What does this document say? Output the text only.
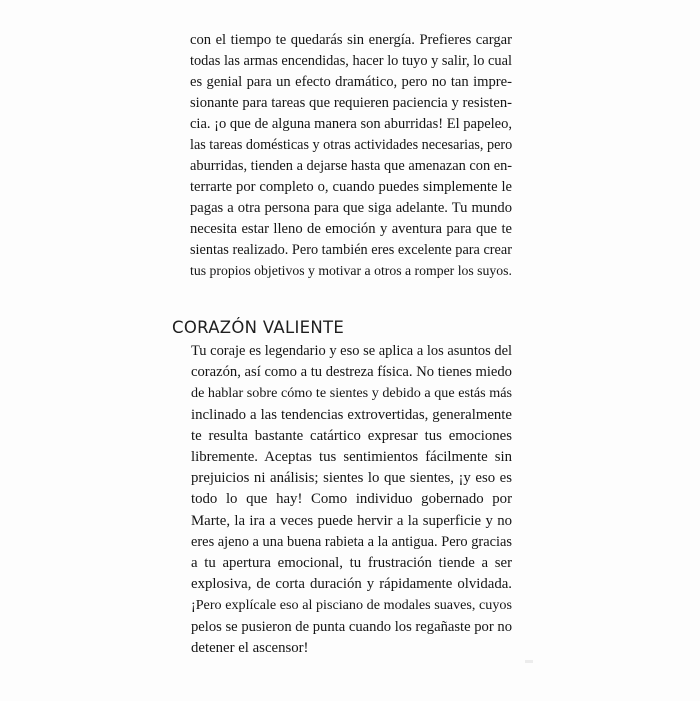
con el tiempo te quedarás sin energía. Prefieres cargar
todas las armas encendidas, hacer lo tuyo y salir, lo cual
es genial para un efecto dramático, pero no tan impre-
sionante para tareas que requieren paciencia y resisten-
cia. ¡o que de alguna manera son aburridas! El papeleo,
las tareas domésticas y otras actividades necesarias, pero
aburridas, tienden a dejarse hasta que amenazan con en-
terrarte por completo o, cuando puedes simplemente le
pagas a otra persona para que siga adelante. Tu mundo
necesita estar lleno de emoción y aventura para que te
sientas realizado. Pero también eres excelente para crear
tus propios objetivos y motivar a otros a romper los suyos.
CORAZÓN VALIENTE
Tu coraje es legendario y eso se aplica a los asuntos del
corazón, así como a tu destreza física. No tienes miedo
de hablar sobre cómo te sientes y debido a que estás más
inclinado a las tendencias extrovertidas, generalmente
te resulta bastante catártico expresar tus emociones
libremente. Aceptas tus sentimientos fácilmente sin
prejuicios ni análisis; sientes lo que sientes, ¡y eso es
todo lo que hay! Como individuo gobernado por
Marte, la ira a veces puede hervir a la superficie y no
eres ajeno a una buena rabieta a la antigua. Pero gracias
a tu apertura emocional, tu frustración tiende a ser
explosiva, de corta duración y rápidamente olvidada.
¡Pero explícale eso al pisciano de modales suaves, cuyos
pelos se pusieron de punta cuando los regañaste por no
detener el ascensor!
